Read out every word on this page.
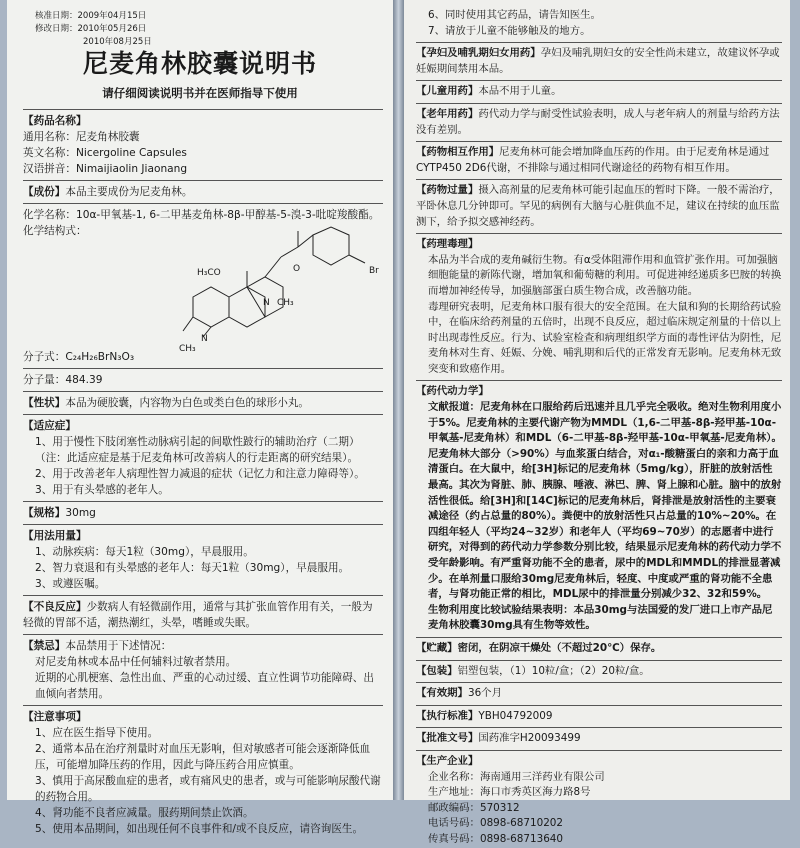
核准日期：2009年04月15日
修改日期：2010年05月26日
2010年08月25日
尼麦角林胶囊说明书
请仔细阅读说明书并在医师指导下使用

【药品名称】

通用名称：尼麦角林胶囊

英文名称：Nicergoline Capsules

汉语拼音：Nimaijiaolin Jiaonang

【成份】本品主要成份为尼麦角林。

化学名称：10α-甲氧基-1, 6-二甲基麦角林-8β-甲醇基-5-溴-3-吡啶羧酸酯。

化学结构式：

H₃CO	O	Br
N CH₃
N
CH₃

分子式：C₂₄H₂₆BrN₃O₃

分子量：484.39

【性状】本品为硬胶囊，内容物为白色或类白色的球形小丸。

【适应症】

1、用于慢性下肢闭塞性动脉病引起的间歇性跛行的辅助治疗（二期）（注：此适应症是基于尼麦角林可改善病人的行走距离的研究结果）。

2、用于改善老年人病理性智力减退的症状（记忆力和注意力障碍等）。

3、用于有头晕感的老年人。

【规格】30mg

【用法用量】

1、动脉疾病：每天1粒（30mg），早晨服用。

2、智力衰退和有头晕感的老年人：每天1粒（30mg），早晨服用。

3、或遵医嘱。

【不良反应】少数病人有轻微副作用，通常与其扩张血管作用有关，一般为轻微的胃部不适，潮热潮红，头晕，嗜睡或失眠。

【禁忌】本品禁用于下述情况：

对尼麦角林或本品中任何辅料过敏者禁用。

近期的心肌梗塞、急性出血、严重的心动过缓、直立性调节功能障碍、出血倾向者禁用。

【注意事项】

1、应在医生指导下使用。

2、通常本品在治疗剂量时对血压无影响，但对敏感者可能会逐渐降低血压，可能增加降压药的作用，因此与降压药合用应慎重。

3、慎用于高尿酸血症的患者，或有痛风史的患者，或与可能影响尿酸代谢的药物合用。

4、肾功能不良者应减量。服药期间禁止饮酒。

5、使用本品期间，如出现任何不良事件和/或不良反应，请咨询医生。

6、同时使用其它药品，请告知医生。

7、请放于儿童不能够触及的地方。

【孕妇及哺乳期妇女用药】孕妇及哺乳期妇女的安全性尚未建立，故建议怀孕或妊娠期间禁用本品。

【儿童用药】本品不用于儿童。

【老年用药】药代动力学与耐受性试验表明，成人与老年病人的剂量与给药方法没有差别。

【药物相互作用】尼麦角林可能会增加降血压药的作用。由于尼麦角林是通过CYTP450 2D6代谢，不排除与通过相同代谢途径的药物有相互作用。

【药物过量】摄入高剂量的尼麦角林可能引起血压的暂时下降。一般不需治疗，平卧休息几分钟即可。罕见的病例有大脑与心脏供血不足，建议在持续的血压监测下，给予拟交感神经药。

【药理毒理】

本品为半合成的麦角碱衍生物。有α受体阻滞作用和血管扩张作用。可加强脑细胞能量的新陈代谢，增加氧和葡萄糖的利用。可促进神经递质多巴胺的转换而增加神经传导，加强脑部蛋白质生物合成，改善脑功能。

毒理研究表明，尼麦角林口服有很大的安全范围。在大鼠和狗的长期给药试验中，在临床给药剂量的五倍时，出现不良反应，超过临床规定剂量的十倍以上时出现毒性反应。行为、试验室检查和病理组织学方面的毒性评估为阴性，尼麦角林对生育、妊娠、分娩、哺乳期和后代的正常发育无影响。尼麦角林无致突变和致癌作用。

【药代动力学】

文献报道：尼麦角林在口服给药后迅速并且几乎完全吸收。绝对生物利用度小于5%。尼麦角林的主要代谢产物为MMDL（1,6-二甲基-8β-羟甲基-10α-甲氧基-尼麦角林）和MDL（6-二甲基-8β-羟甲基-10α-甲氧基-尼麦角林）。尼麦角林大部分（>90%）与血浆蛋白结合，对α₁-酸糖蛋白的亲和力高于血清蛋白。在大鼠中，给[3H]标记的尼麦角林（5mg/kg），肝脏的放射活性最高。其次为肾脏、肺、胰腺、唾液、淋巴、脾、肾上腺和心脏。脑中的放射活性很低。给[3H]和[14C]标记的尼麦角林后，肾排泄是放射活性的主要衰减途径（约占总量的80%）。粪便中的放射活性只占总量的10%~20%。在四组年轻人（平均24~32岁）和老年人（平均69~70岁）的志愿者中进行研究，对得到的药代动力学参数分别比较，结果显示尼麦角林的药代动力学不受年龄影响。有严重肾功能不全的患者，尿中的MDL和MMDL的排泄显著减少。在单剂量口服给30mg尼麦角林后，轻度、中度或严重的肾功能不全患者，与肾功能正常的相比，MDL尿中的排泄量分别减少32、32和59%。

生物利用度比较试验结果表明：本品30mg与法国爱的发厂进口上市产品尼麦角林胶囊30mg具有生物等效性。

【贮藏】密闭，在阴凉干燥处（不超过20℃）保存。

【包装】铝塑包装，（1）10粒/盒；（2）20粒/盒。

【有效期】36个月

【执行标准】YBH04792009

【批准文号】国药准字H20093499

【生产企业】

企业名称：海南通用三洋药业有限公司

生产地址：海口市秀英区海力路8号

邮政编码：570312

电话号码：0898-68710202

传真号码：0898-68713640
